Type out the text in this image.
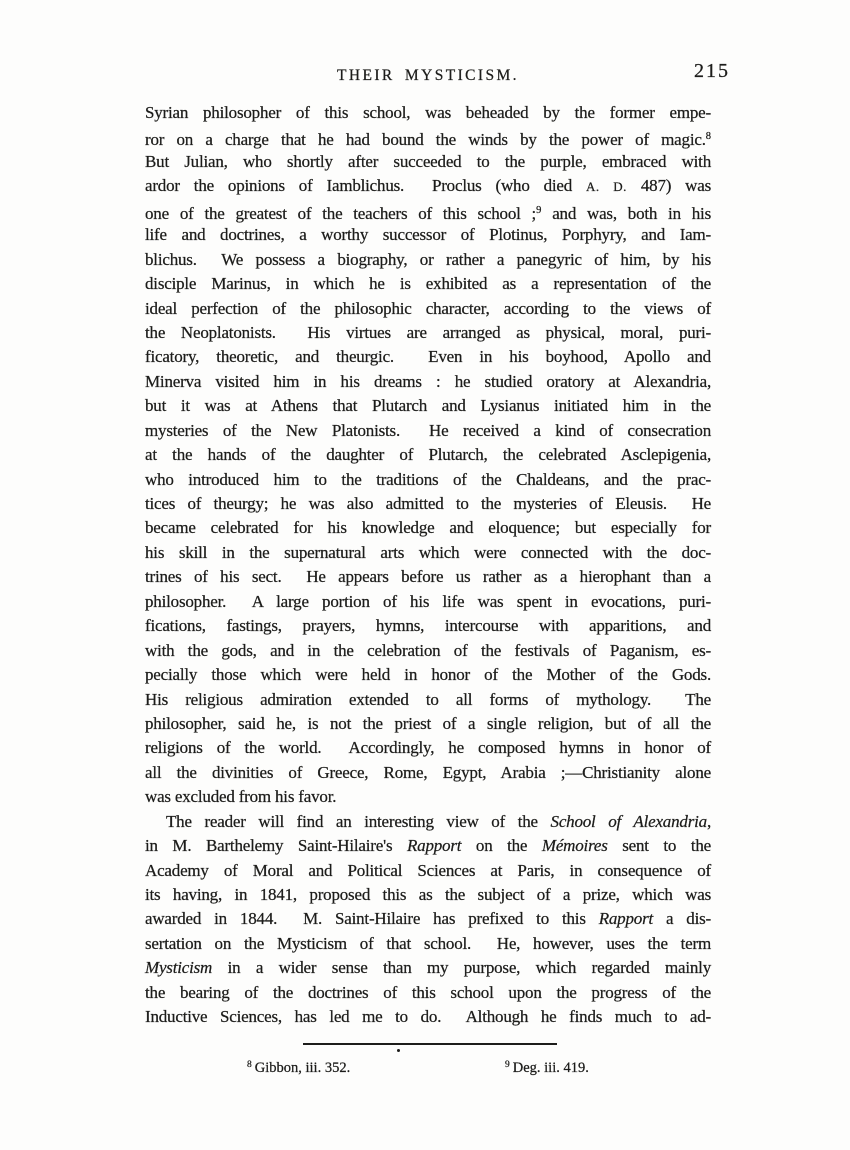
THEIR MYSTICISM.	215
Syrian philosopher of this school, was beheaded by the former empe-
ror on a charge that he had bound the winds by the power of magic.$^8$
But Julian, who shortly after succeeded to the purple, embraced with
ardor the opinions of Iamblichus.  Proclus (who died A. D. 487) was
one of the greatest of the teachers of this school ;$^9$ and was, both in his
life and doctrines, a worthy successor of Plotinus, Porphyry, and Iam-
blichus.  We possess a biography, or rather a panegyric of him, by his
disciple Marinus, in which he is exhibited as a representation of the
ideal perfection of the philosophic character, according to the views of
the Neoplatonists.  His virtues are arranged as physical, moral, puri-
ficatory, theoretic, and theurgic.  Even in his boyhood, Apollo and
Minerva visited him in his dreams : he studied oratory at Alexandria,
but it was at Athens that Plutarch and Lysianus initiated him in the
mysteries of the New Platonists.  He received a kind of consecration
at the hands of the daughter of Plutarch, the celebrated Asclepigenia,
who introduced him to the traditions of the Chaldeans, and the prac-
tices of theurgy; he was also admitted to the mysteries of Eleusis.  He
became celebrated for his knowledge and eloquence; but especially for
his skill in the supernatural arts which were connected with the doc-
trines of his sect.  He appears before us rather as a hierophant than a
philosopher.  A large portion of his life was spent in evocations, puri-
fications, fastings, prayers, hymns, intercourse with apparitions, and
with the gods, and in the celebration of the festivals of Paganism, es-
pecially those which were held in honor of the Mother of the Gods.
His religious admiration extended to all forms of mythology.  The
philosopher, said he, is not the priest of a single religion, but of all the
religions of the world.  Accordingly, he composed hymns in honor of
all the divinities of Greece, Rome, Egypt, Arabia ;—Christianity alone
was excluded from his favor.
The reader will find an interesting view of the School of Alexandria,
in M. Barthelemy Saint-Hilaire's Rapport on the Mémoires sent to the
Academy of Moral and Political Sciences at Paris, in consequence of
its having, in 1841, proposed this as the subject of a prize, which was
awarded in 1844.  M. Saint-Hilaire has prefixed to this Rapport a dis-
sertation on the Mysticism of that school.  He, however, uses the term
Mysticism in a wider sense than my purpose, which regarded mainly
the bearing of the doctrines of this school upon the progress of the
Inductive Sciences, has led me to do.  Although he finds much to ad-
$^8$ Gibbon, iii. 352.	$^9$ Deg. iii. 419.
